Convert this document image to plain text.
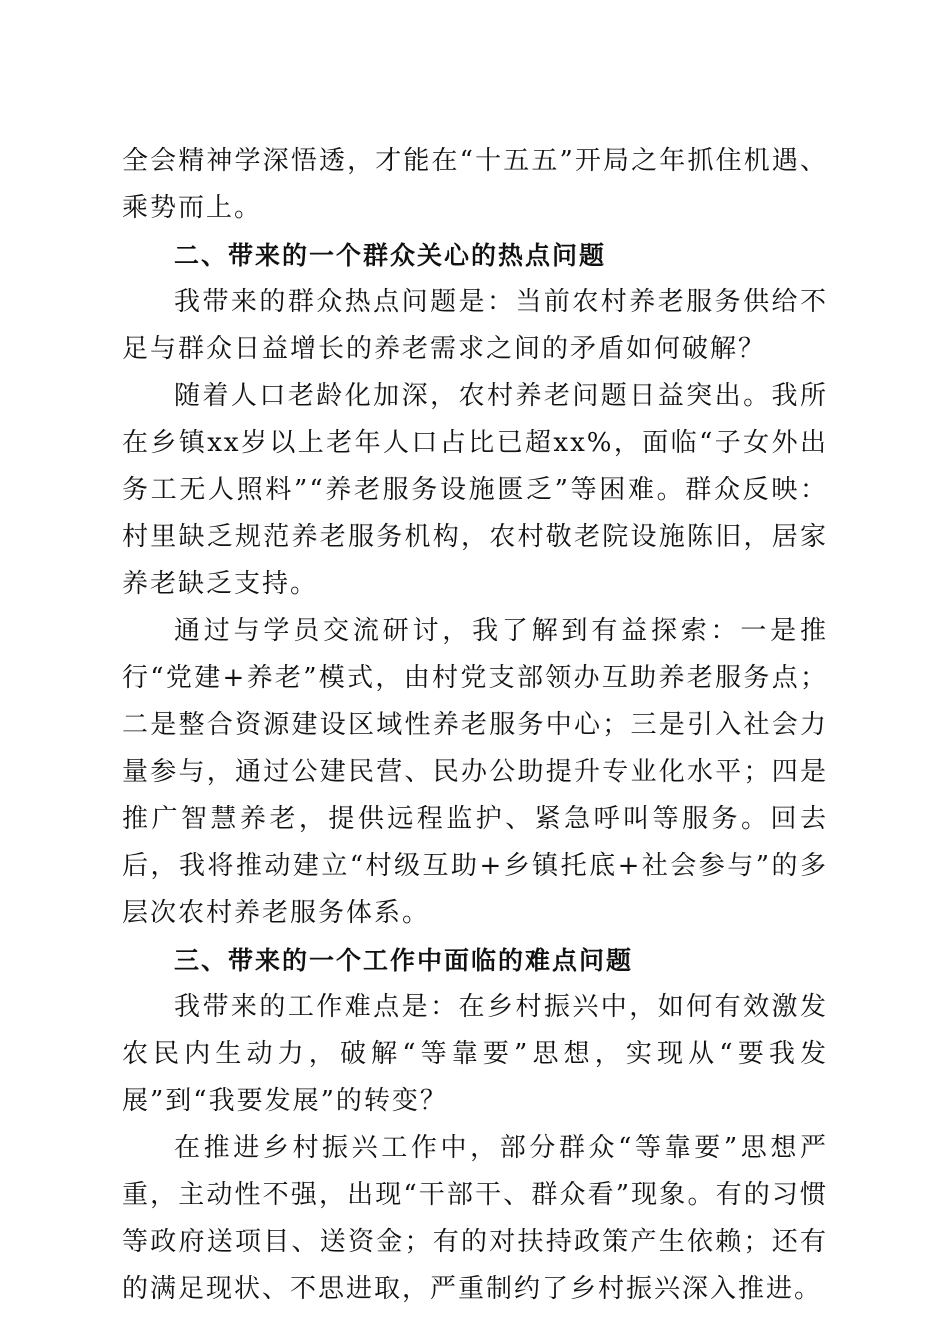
全会精神学深悟透，才能在“十五五”开局之年抓住机遇、乘势而上。

二、带来的一个群众关心的热点问题

我带来的群众热点问题是：当前农村养老服务供给不足与群众日益增长的养老需求之间的矛盾如何破解？

随着人口老龄化加深，农村养老问题日益突出。我所在乡镇xx岁以上老年人口占比已超xx%，面临“子女外出务工无人照料”“养老服务设施匮乏”等困难。群众反映：村里缺乏规范养老服务机构，农村敬老院设施陈旧，居家养老缺乏支持。

通过与学员交流研讨，我了解到有益探索：一是推行“党建+养老”模式，由村党支部领办互助养老服务点；二是整合资源建设区域性养老服务中心；三是引入社会力量参与，通过公建民营、民办公助提升专业化水平；四是推广智慧养老，提供远程监护、紧急呼叫等服务。回去后，我将推动建立“村级互助+乡镇托底+社会参与”的多层次农村养老服务体系。

三、带来的一个工作中面临的难点问题

我带来的工作难点是：在乡村振兴中，如何有效激发农民内生动力，破解“等靠要”思想，实现从“要我发展”到“我要发展”的转变？

在推进乡村振兴工作中，部分群众“等靠要”思想严重，主动性不强，出现“干部干、群众看”现象。有的习惯等政府送项目、送资金；有的对扶持政策产生依赖；还有的满足现状、不思进取，严重制约了乡村振兴深入推进。
